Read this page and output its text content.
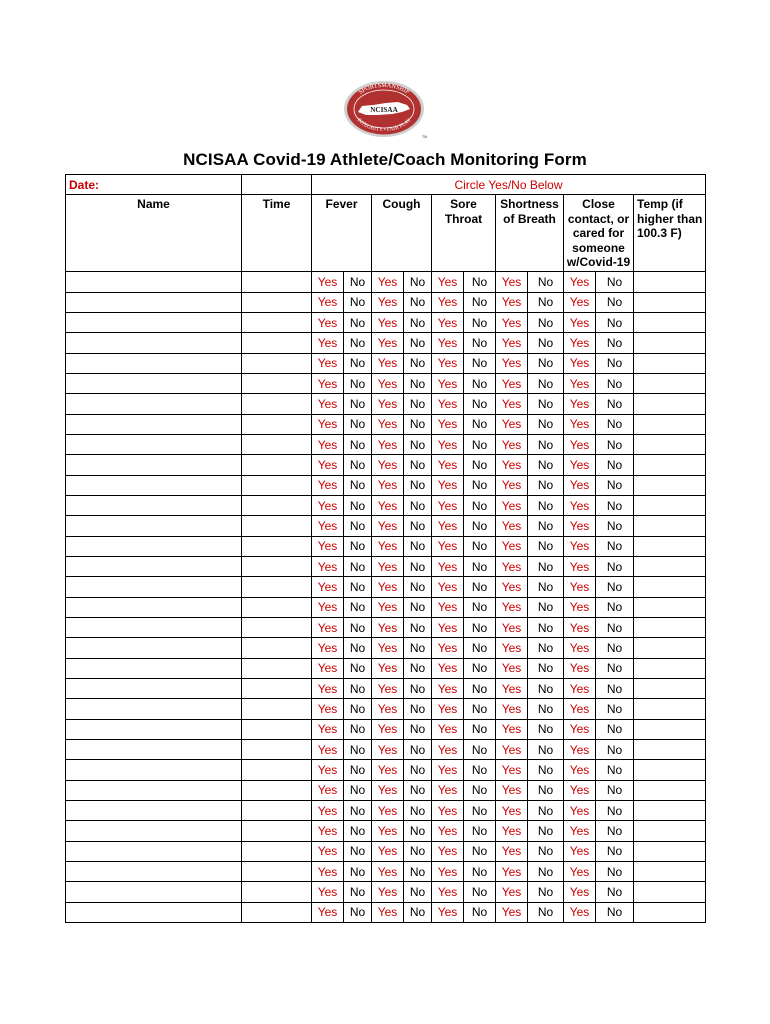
SPORTSMANSHIP
INTEGRITY • FAIR PLAY
NCISAA
TM
NCISAA Covid-19 Athlete/Coach Monitoring Form
Date:		Circle Yes/No Below										
Name	Time	Fever		Cough		Sore Throat		Shortness of Breath		Close contact, or cared for someone w/Covid-19		Temp (if higher than 100.3 F)
		Yes	No	Yes	No	Yes	No	Yes	No	Yes	No	
		Yes	No	Yes	No	Yes	No	Yes	No	Yes	No	
		Yes	No	Yes	No	Yes	No	Yes	No	Yes	No	
		Yes	No	Yes	No	Yes	No	Yes	No	Yes	No	
		Yes	No	Yes	No	Yes	No	Yes	No	Yes	No	
		Yes	No	Yes	No	Yes	No	Yes	No	Yes	No	
		Yes	No	Yes	No	Yes	No	Yes	No	Yes	No	
		Yes	No	Yes	No	Yes	No	Yes	No	Yes	No	
		Yes	No	Yes	No	Yes	No	Yes	No	Yes	No	
		Yes	No	Yes	No	Yes	No	Yes	No	Yes	No	
		Yes	No	Yes	No	Yes	No	Yes	No	Yes	No	
		Yes	No	Yes	No	Yes	No	Yes	No	Yes	No	
		Yes	No	Yes	No	Yes	No	Yes	No	Yes	No	
		Yes	No	Yes	No	Yes	No	Yes	No	Yes	No	
		Yes	No	Yes	No	Yes	No	Yes	No	Yes	No	
		Yes	No	Yes	No	Yes	No	Yes	No	Yes	No	
		Yes	No	Yes	No	Yes	No	Yes	No	Yes	No	
		Yes	No	Yes	No	Yes	No	Yes	No	Yes	No	
		Yes	No	Yes	No	Yes	No	Yes	No	Yes	No	
		Yes	No	Yes	No	Yes	No	Yes	No	Yes	No	
		Yes	No	Yes	No	Yes	No	Yes	No	Yes	No	
		Yes	No	Yes	No	Yes	No	Yes	No	Yes	No	
		Yes	No	Yes	No	Yes	No	Yes	No	Yes	No	
		Yes	No	Yes	No	Yes	No	Yes	No	Yes	No	
		Yes	No	Yes	No	Yes	No	Yes	No	Yes	No	
		Yes	No	Yes	No	Yes	No	Yes	No	Yes	No	
		Yes	No	Yes	No	Yes	No	Yes	No	Yes	No	
		Yes	No	Yes	No	Yes	No	Yes	No	Yes	No	
		Yes	No	Yes	No	Yes	No	Yes	No	Yes	No	
		Yes	No	Yes	No	Yes	No	Yes	No	Yes	No	
		Yes	No	Yes	No	Yes	No	Yes	No	Yes	No	
		Yes	No	Yes	No	Yes	No	Yes	No	Yes	No	
